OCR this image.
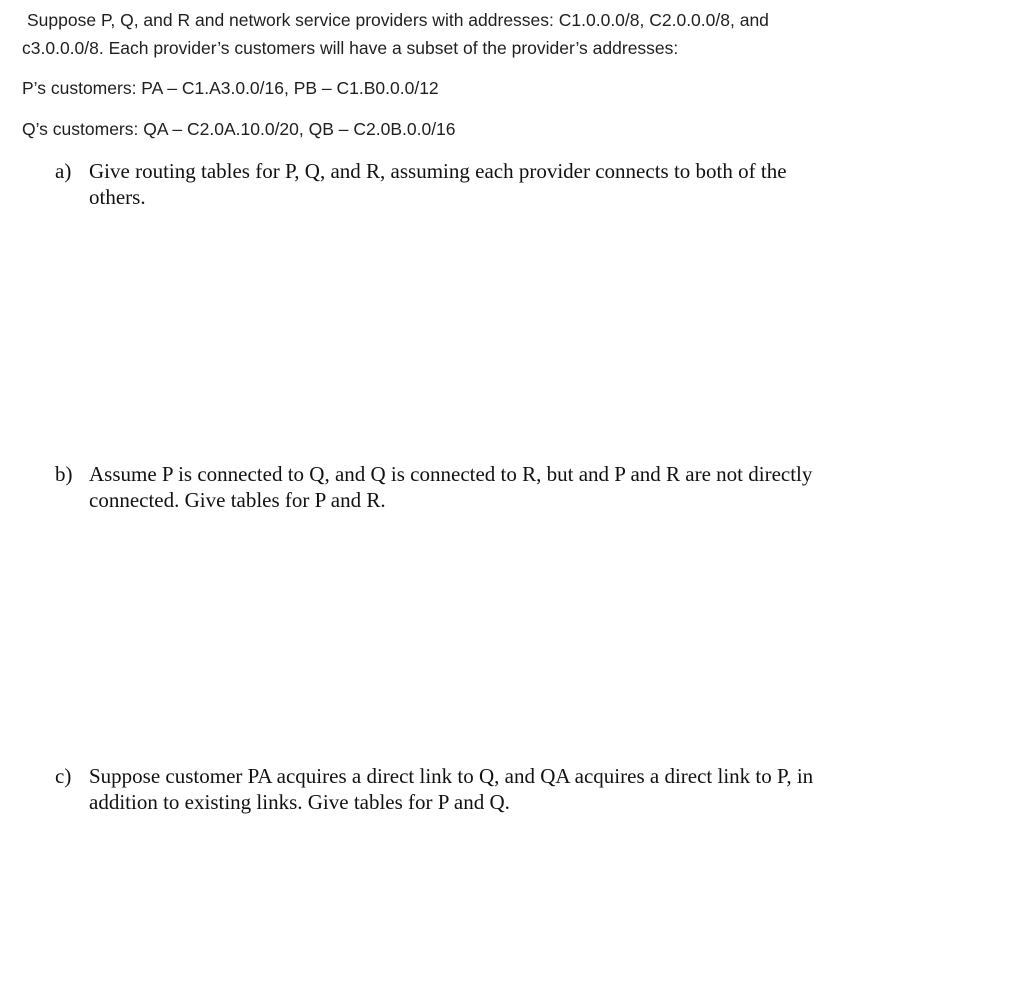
Suppose P, Q, and R and network service providers with addresses: C1.0.0.0/8, C2.0.0.0/8, and
c3.0.0.0/8. Each provider’s customers will have a subset of the provider’s addresses:
P’s customers: PA – C1.A3.0.0/16, PB – C1.B0.0.0/12
Q’s customers: QA – C2.0A.10.0/20, QB – C2.0B.0.0/16
a) Give routing tables for P, Q, and R, assuming each provider connects to both of the
others.
b) Assume P is connected to Q, and Q is connected to R, but and P and R are not directly
connected. Give tables for P and R.
c) Suppose customer PA acquires a direct link to Q, and QA acquires a direct link to P, in
addition to existing links. Give tables for P and Q.
